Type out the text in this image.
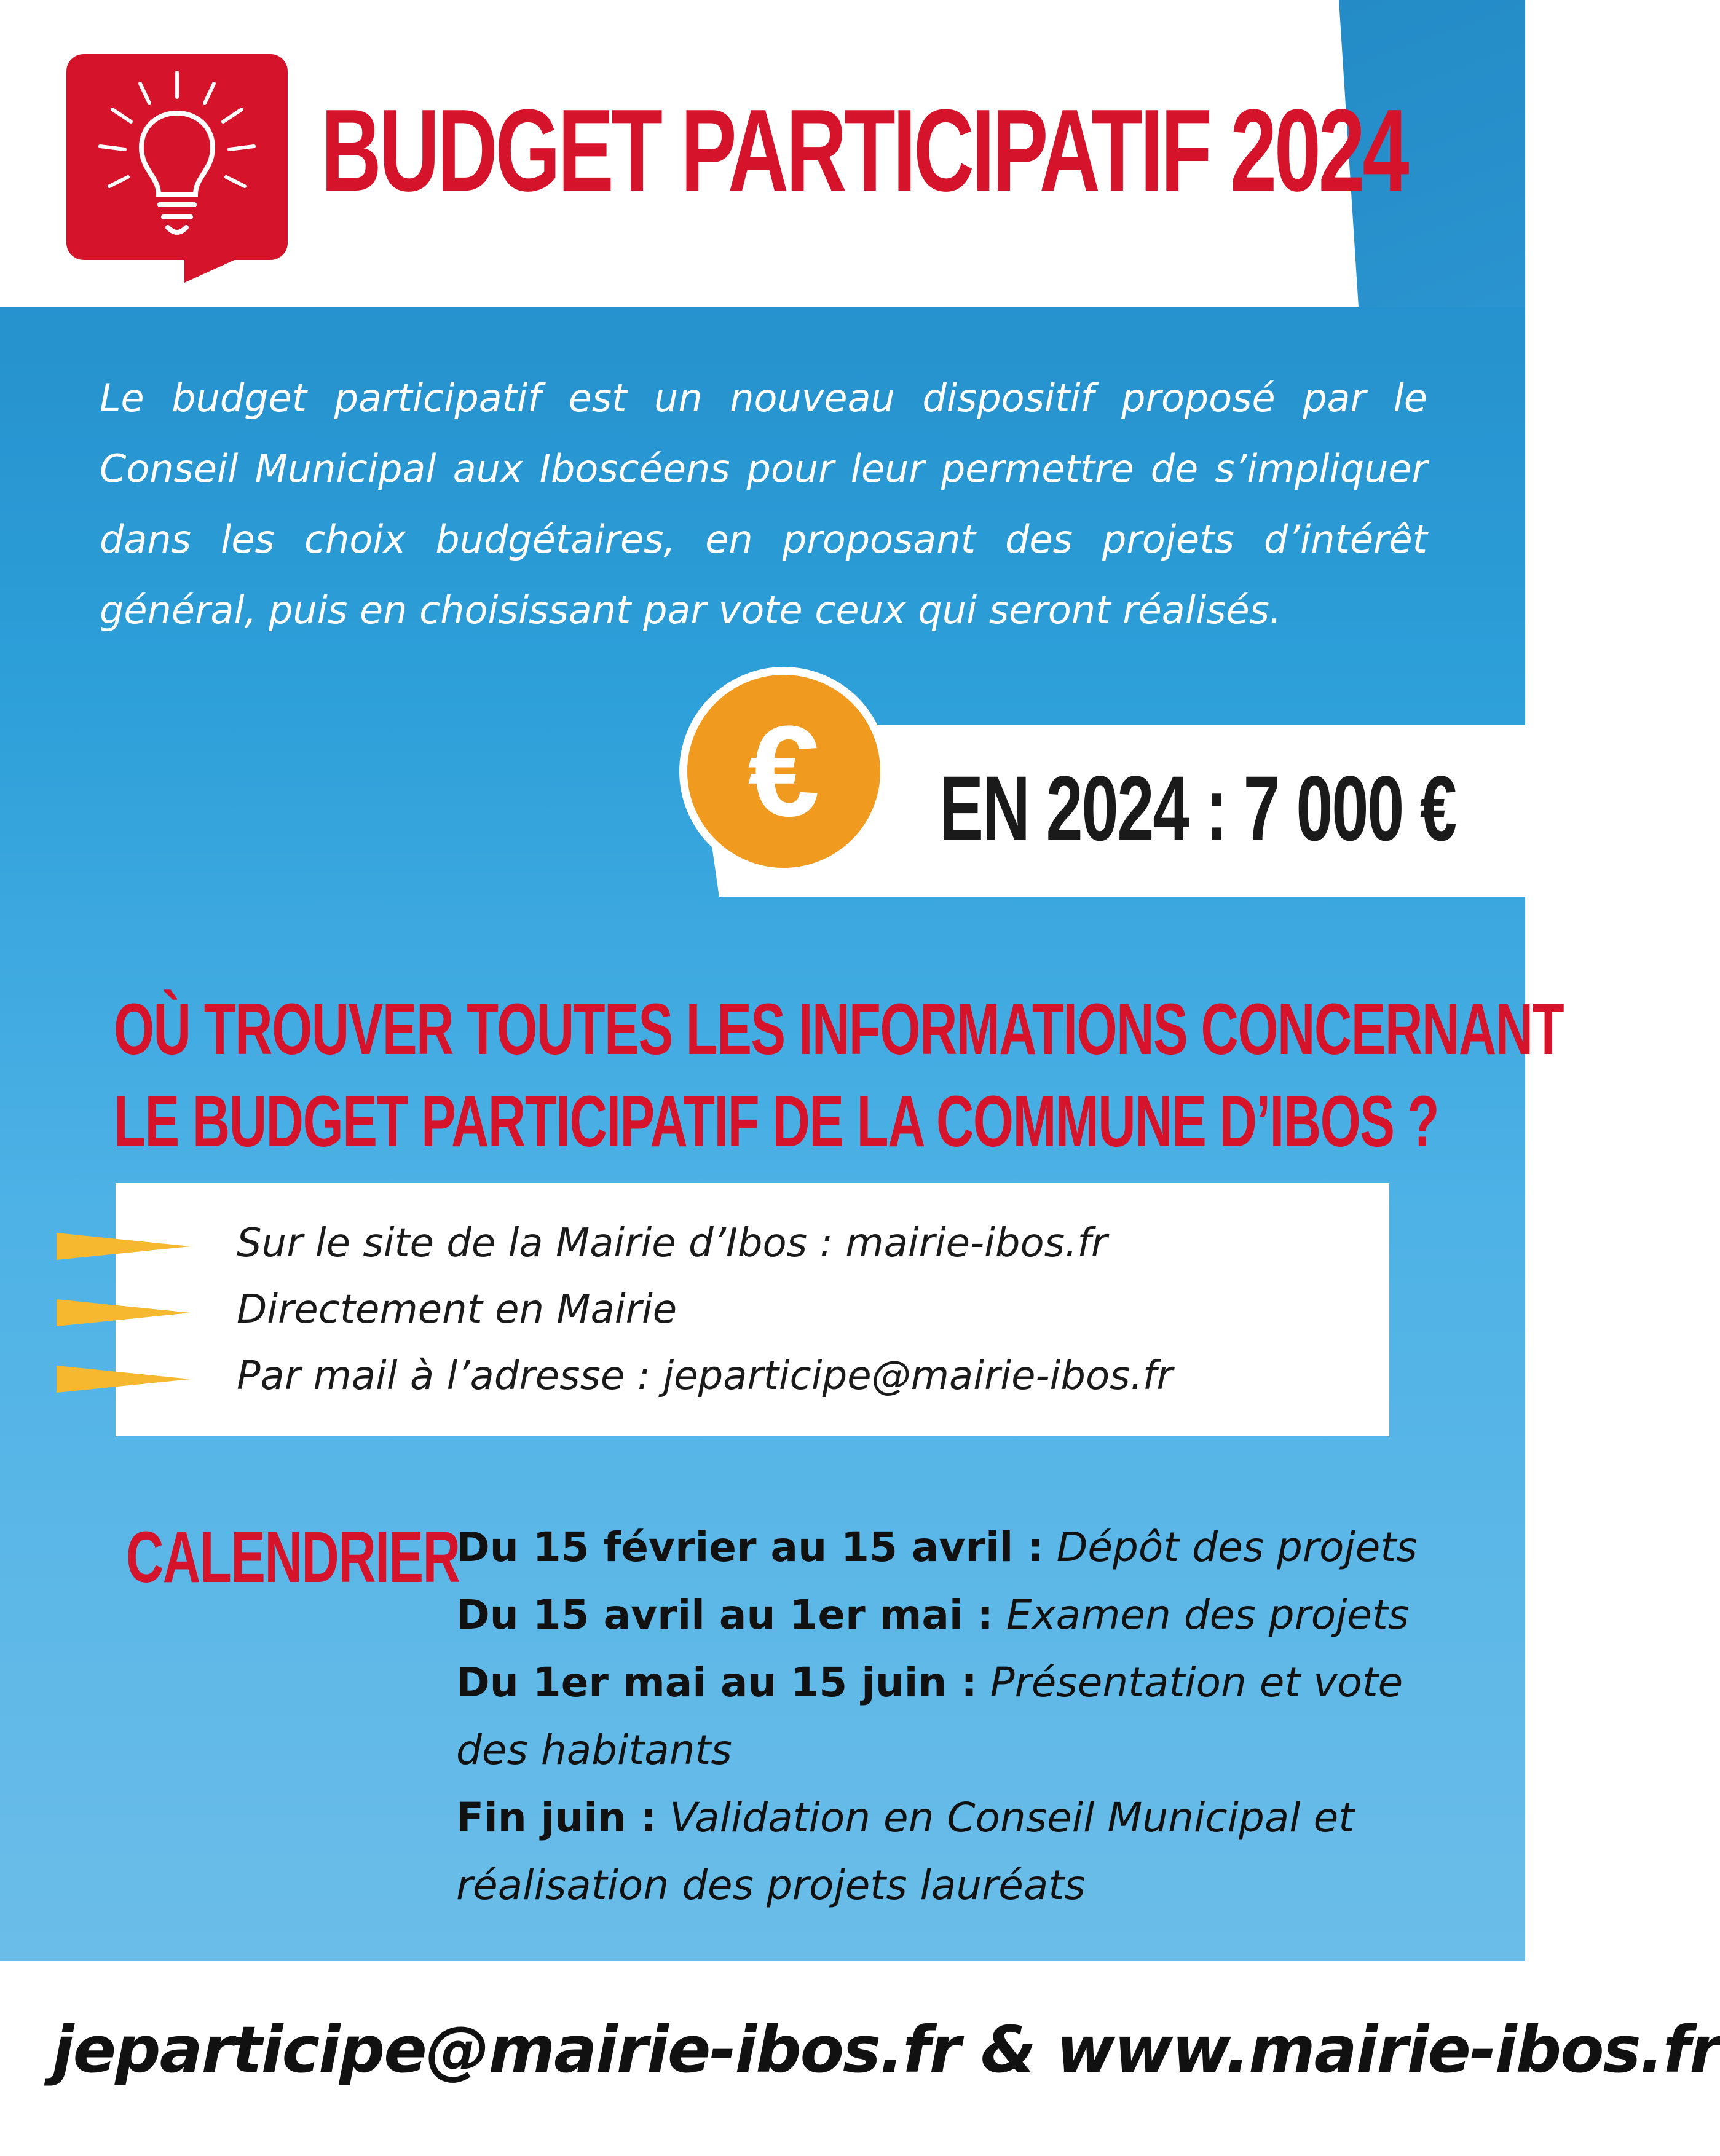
BUDGET PARTICIPATIF 2024

Le budget participatif est un nouveau dispositif proposé par le Conseil Municipal aux Iboscéens pour leur permettre de s’impliquer dans les choix budgétaires, en proposant des projets d’intérêt général, puis en choisissant par vote ceux qui seront réalisés.

€ EN 2024 : 7 000 €

OÙ TROUVER TOUTES LES INFORMATIONS CONCERNANT
LE BUDGET PARTICIPATIF DE LA COMMUNE D’IBOS ?

Sur le site de la Mairie d’Ibos : mairie-ibos.fr

Directement en Mairie

Par mail à l’adresse : jeparticipe@mairie-ibos.fr

CALENDRIER

Du 15 février au 15 avril : Dépôt des projets

Du 15 avril au 1er mai : Examen des projets

Du 1er mai au 15 juin : Présentation et vote des habitants

Fin juin : Validation en Conseil Municipal et réalisation des projets lauréats

jeparticipe@mairie-ibos.fr & www.mairie-ibos.fr
